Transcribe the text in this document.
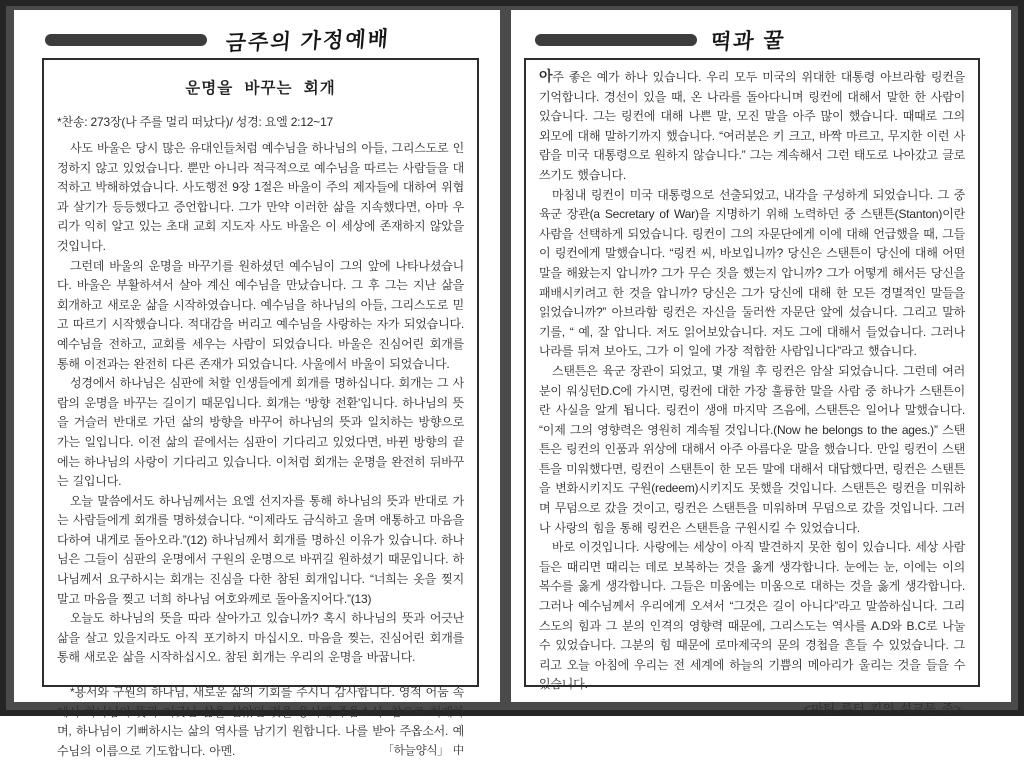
금주의 가정예배
운명을 바꾸는 회개
*찬송: 273장(나 주를 멀리 떠났다)/ 성경: 요엘 2:12~17

사도 바울은 당시 많은 유대인들처럼 예수님을 하나님의 아들, 그리스도로 인정하지 않고 있었습니다. 뿐만 아니라 적극적으로 예수님을 따르는 사람들을 대적하고 박해하였습니다. 사도행전 9장 1절은 바울이 주의 제자들에 대하여 위협과 살기가 등등했다고 증언합니다. 그가 만약 이러한 삶을 지속했다면, 아마 우리가 익히 알고 있는 초대 교회 지도자 사도 바울은 이 세상에 존재하지 않았을 것입니다.

그런데 바울의 운명을 바꾸기를 원하셨던 예수님이 그의 앞에 나타나셨습니다. 바울은 부활하셔서 살아 계신 예수님을 만났습니다. 그 후 그는 지난 삶을 회개하고 새로운 삶을 시작하였습니다. 예수님을 하나님의 아들, 그리스도로 믿고 따르기 시작했습니다. 적대감을 버리고 예수님을 사랑하는 자가 되었습니다. 예수님을 전하고, 교회를 세우는 사람이 되었습니다. 바울은 진심어린 회개를 통해 이전과는 완전히 다른 존재가 되었습니다. 사울에서 바울이 되었습니다.

성경에서 하나님은 심판에 처할 인생들에게 회개를 명하십니다. 회개는 그 사람의 운명을 바꾸는 길이기 때문입니다. 회개는 ‘방향 전환’입니다. 하나님의 뜻을 거슬러 반대로 가던 삶의 방향을 바꾸어 하나님의 뜻과 일치하는 방향으로 가는 일입니다. 이전 삶의 끝에서는 심판이 기다리고 있었다면, 바뀐 방향의 끝에는 하나님의 사랑이 기다리고 있습니다. 이처럼 회개는 운명을 완전히 뒤바꾸는 길입니다.

오늘 말씀에서도 하나님께서는 요엘 선지자를 통해 하나님의 뜻과 반대로 가는 사람들에게 회개를 명하셨습니다. “이제라도 금식하고 울며 애통하고 마음을 다하여 내게로 돌아오라.”(12) 하나님께서 회개를 명하신 이유가 있습니다. 하나님은 그들이 심판의 운명에서 구원의 운명으로 바뀌길 원하셨기 때문입니다. 하나님께서 요구하시는 회개는 진심을 다한 참된 회개입니다. “너희는 옷을 찢지 말고 마음을 찢고 너희 하나님 여호와께로 돌아올지어다.”(13)

오늘도 하나님의 뜻을 따라 살아가고 있습니까? 혹시 하나님의 뜻과 어긋난 삶을 살고 있을지라도 아직 포기하지 마십시오. 마음을 찢는, 진심어린 회개를 통해 새로운 삶을 시작하십시오. 참된 회개는 우리의 운명을 바꿉니다.

*용서와 구원의 하나님, 새로운 삶의 기회를 주시니 감사합니다. 영적 어둠 속에서 하나님의 뜻과 어긋난 삶을 살았던 것을 용서해 주옵소서. 참으로 회개하며, 하나님이 기뻐하시는 삶의 역사를 남기기 원합니다. 나를 받아 주옵소서. 예수님의 이름으로 기도합니다. 아멘.	「하늘양식」 中

떡과 꿀

아주 좋은 예가 하나 있습니다. 우리 모두 미국의 위대한 대통령 아브라함 링컨을 기억합니다. 경선이 있을 때, 온 나라를 돌아다니며 링컨에 대해서 말한 한 사람이 있습니다. 그는 링컨에 대해 나쁜 말, 모진 말을 아주 많이 했습니다. 때때로 그의 외모에 대해 말하기까지 했습니다. “여러분은 키 크고, 바짝 마르고, 무지한 이런 사람을 미국 대통령으로 원하지 않습니다.” 그는 계속해서 그런 태도로 나아갔고 글로 쓰기도 했습니다.

마침내 링컨이 미국 대통령으로 선출되었고, 내각을 구성하게 되었습니다. 그 중 육군 장관(a Secretary of War)을 지명하기 위해 노력하던 중 스탠튼(Stanton)이란 사람을 선택하게 되었습니다. 링컨이 그의 자문단에게 이에 대해 언급했을 때, 그들이 링컨에게 말했습니다. “링컨 씨, 바보입니까? 당신은 스탠튼이 당신에 대해 어떤 말을 해왔는지 압니까? 그가 무슨 짓을 했는지 압니까? 그가 어떻게 해서든 당신을 패배시키려고 한 것을 압니까? 당신은 그가 당신에 대해 한 모든 경멸적인 말들을 읽었습니까?” 아브라함 링컨은 자신을 둘러싼 자문단 앞에 섰습니다. 그리고 말하기를, “ 예, 잘 압니다. 저도 읽어보았습니다. 저도 그에 대해서 들었습니다. 그러나 나라를 뒤져 보아도, 그가 이 일에 가장 적합한 사람입니다”라고 했습니다.

스탠튼은 육군 장관이 되었고, 몇 개월 후 링컨은 암살 되었습니다. 그런데 여러분이 워싱턴D.C에 가시면, 링컨에 대한 가장 훌륭한 말을 사람 중 하나가 스탠튼이란 사실을 알게 됩니다. 링컨이 생애 마지막 즈음에, 스탠튼은 일어나 말했습니다. “이제 그의 영향력은 영원히 계속될 것입니다.(Now he belongs to the ages.)” 스탠튼은 링컨의 인품과 위상에 대해서 아주 아름다운 말을 했습니다. 만일 링컨이 스탠튼을 미워했다면, 링컨이 스탠튼이 한 모든 말에 대해서 대답했다면, 링컨은 스탠튼을 변화시키지도 구원(redeem)시키지도 못했을 것입니다. 스탠튼은 링컨을 미워하며 무덤으로 갔을 것이고, 링컨은 스탠튼을 미워하며 무덤으로 갔을 것입니다. 그러나 사랑의 힘을 통해 링컨은 스탠튼을 구원시킬 수 있었습니다.

바로 이것입니다. 사랑에는 세상이 아직 발견하지 못한 힘이 있습니다. 세상 사람들은 때리면 때리는 데로 보복하는 것을 옳게 생각합니다. 눈에는 눈, 이에는 이의 복수를 옳게 생각합니다. 그들은 미움에는 미움으로 대하는 것을 옳게 생각합니다. 그러나 예수님께서 우리에게 오셔서 “그것은 길이 아니다”라고 말씀하십니다. 그리스도의 힘과 그 분의 인격의 영향력 때문에, 그리스도는 역사를 A.D와 B.C로 나눌 수 있었습니다. 그분의 힘 때문에 로마제국의 문의 경첩을 흔들 수 있었습니다. 그리고 오늘 아침에 우리는 전 세계에 하늘의 기쁨의 메아리가 울리는 것을 들을 수 있습니다.

<마틴 루터 킹의 설교문 중>
